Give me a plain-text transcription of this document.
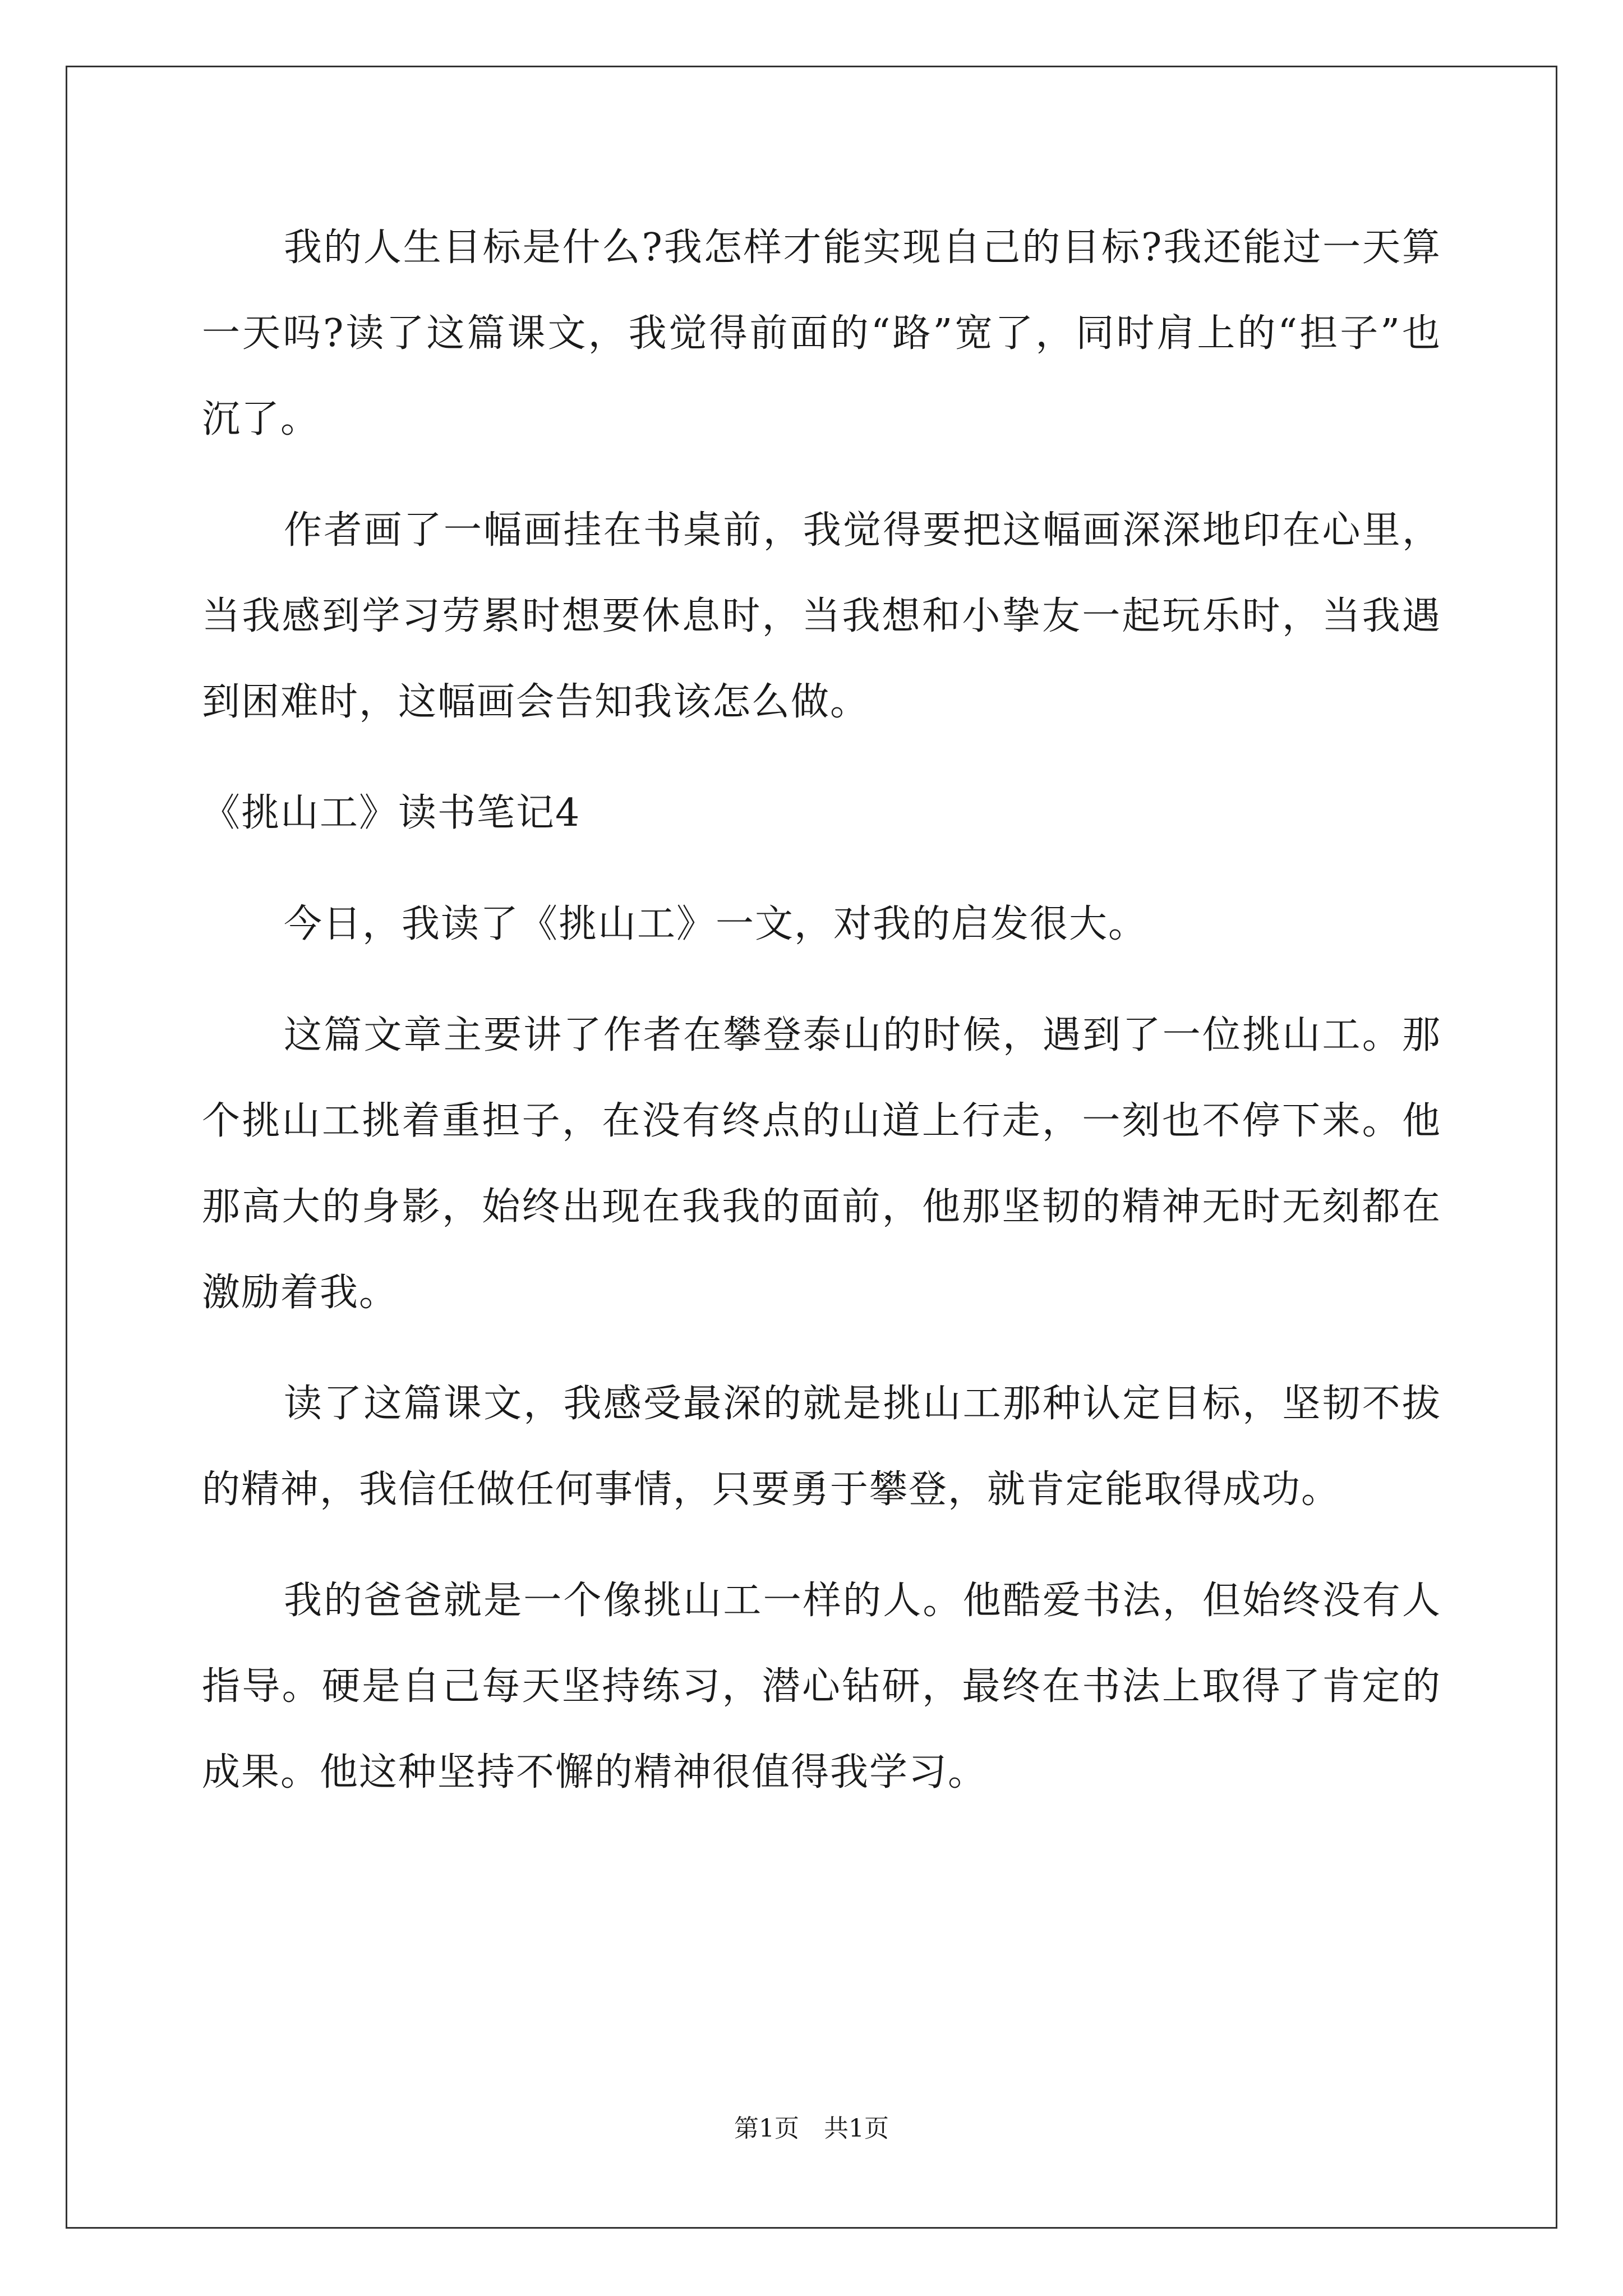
我的人生目标是什么?我怎样才能实现自己的目标?我还能过一天算一天吗?读了这篇课文，我觉得前面的“路”宽了，同时肩上的“担子”也沉了。

作者画了一幅画挂在书桌前，我觉得要把这幅画深深地印在心里，当我感到学习劳累时想要休息时，当我想和小挚友一起玩乐时，当我遇到困难时，这幅画会告知我该怎么做。

《挑山工》读书笔记4

今日，我读了《挑山工》一文，对我的启发很大。

这篇文章主要讲了作者在攀登泰山的时候，遇到了一位挑山工。那个挑山工挑着重担子，在没有终点的山道上行走，一刻也不停下来。他那高大的身影，始终出现在我我的面前，他那坚韧的精神无时无刻都在激励着我。

读了这篇课文，我感受最深的就是挑山工那种认定目标，坚韧不拔的精神，我信任做任何事情，只要勇于攀登，就肯定能取得成功。

我的爸爸就是一个像挑山工一样的人。他酷爱书法，但始终没有人指导。硬是自己每天坚持练习，潜心钻研，最终在书法上取得了肯定的成果。他这种坚持不懈的精神很值得我学习。

第1页　共1页
